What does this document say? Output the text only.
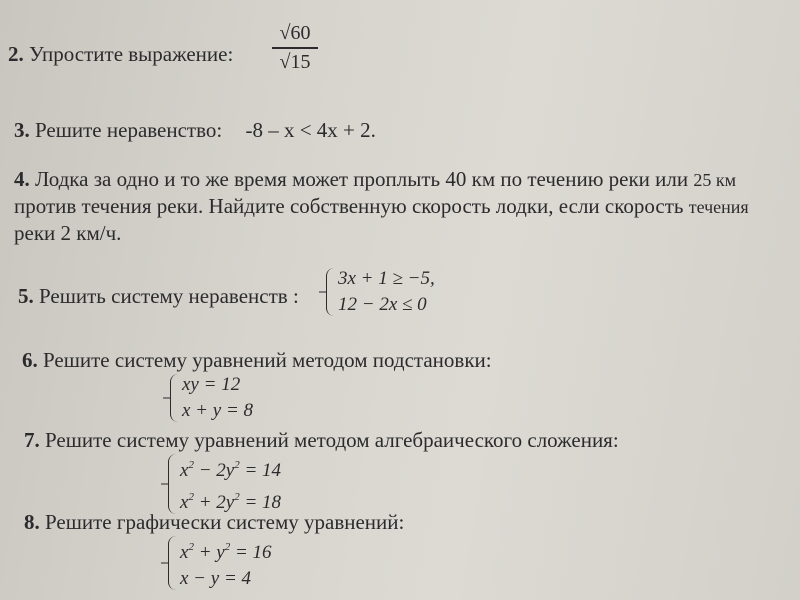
2. Упростите выражение:
√60
√15
3. Решите неравенство: -8 – x < 4x + 2.
4. Лодка за одно и то же время может проплыть 40 км по течению реки или 25 км
против течения реки. Найдите собственную скорость лодки, если скорость течения
реки 2 км/ч.
5. Решить систему неравенств :
3x + 1 ≥ −5,
12 − 2x ≤ 0
6. Решите систему уравнений методом подстановки:
xy = 12
x + y = 8
7. Решите систему уравнений методом алгебраического сложения:
$x^2 - 2y^2 = 14$
$x^2 + 2y^2 = 18$
8. Решите графически систему уравнений:
$x^2 + y^2 = 16$
x − y = 4
